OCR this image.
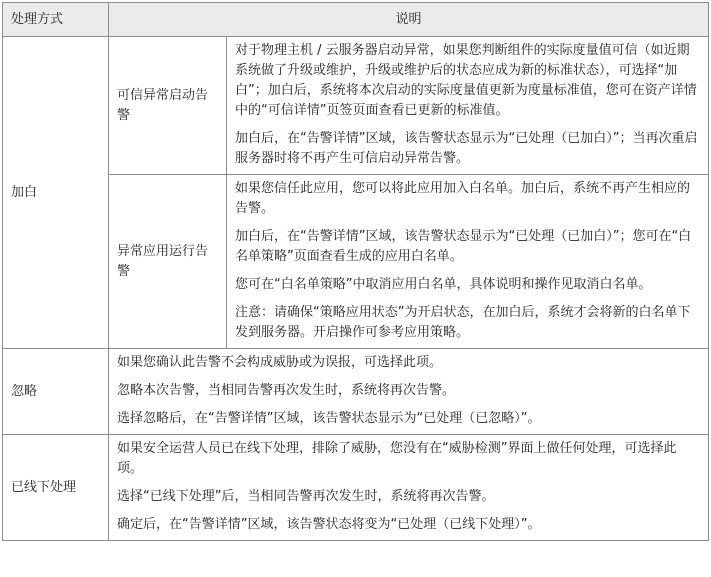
处理方式	说明	
加白	可信异常启动告警	对于物理主机 / 云服务器启动异常，如果您判断组件的实际度量值可信（如近期系统做了升级或维护，升级或维护后的状态应成为新的标准状态），可选择“加白”；加白后，系统将本次启动的实际度量值更新为度量标准值，您可在资产详情中的“可信详情”页签页面查看已更新的标准值。

加白后，在“告警详情”区域，该告警状态显示为“已处理（已加白）”；当再次重启服务器时将不再产生可信启动异常告警。

	异常应用运行告警	如果您信任此应用，您可以将此应用加入白名单。加白后，系统不再产生相应的告警。

加白后，在“告警详情”区域，该告警状态显示为“已处理（已加白）”；您可在“白名单策略”页面查看生成的应用白名单。

您可在“白名单策略”中取消应用白名单，具体说明和操作见取消白名单。

注意：请确保“策略应用状态”为开启状态，在加白后，系统才会将新的白名单下发到服务器。开启操作可参考应用策略。

忽略	如果您确认此告警不会构成威胁或为误报，可选择此项。

忽略本次告警，当相同告警再次发生时，系统将再次告警。

选择忽略后，在“告警详情”区域，该告警状态显示为“已处理（已忽略）”。	

已线下处理	如果安全运营人员已在线下处理，排除了威胁，您没有在“威胁检测”界面上做任何处理，可选择此项。

选择“已线下处理”后，当相同告警再次发生时，系统将再次告警。

确定后，在“告警详情”区域，该告警状态将变为“已处理（已线下处理）”。	
